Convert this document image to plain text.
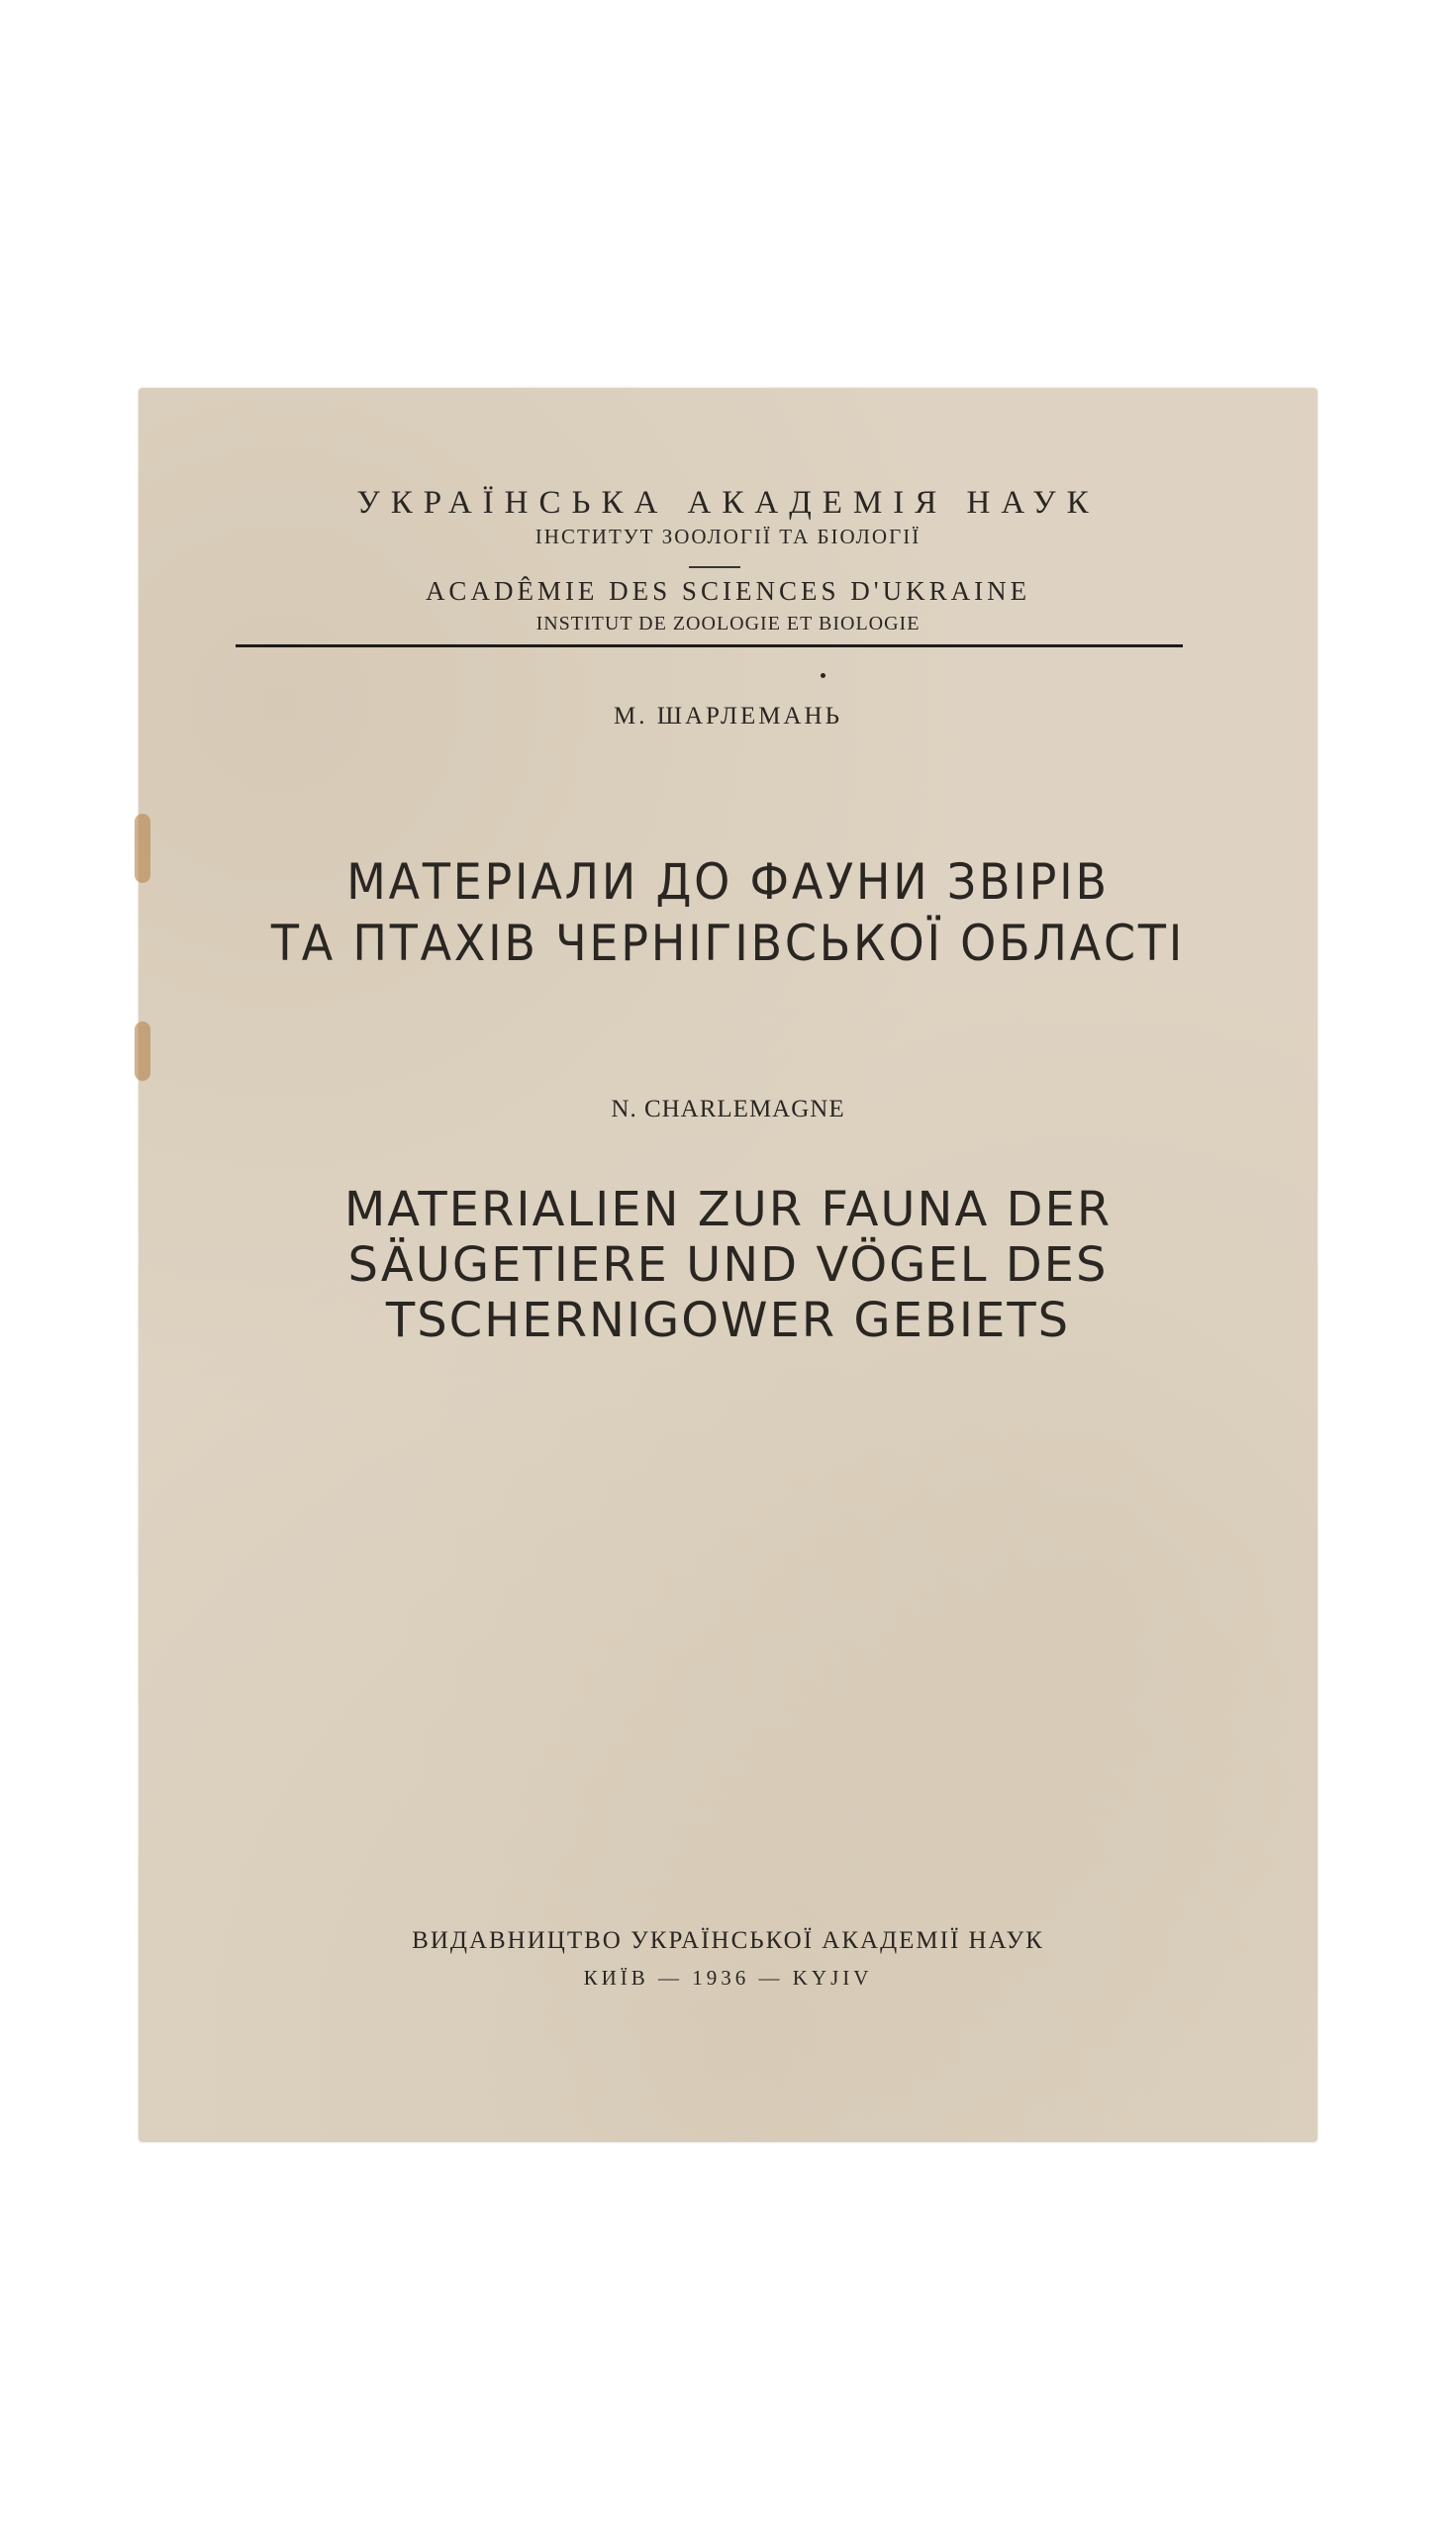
УКРАЇНСЬКА АКАДЕМІЯ НАУК
ІНСТИТУТ ЗООЛОГІЇ ТА БІОЛОГІЇ
ACADÊMIE DES SCIENCES D'UKRAINE
INSTITUT DE ZOOLOGIE ET BIOLOGIE
М. ШАРЛЕМАНЬ
МАТЕРІАЛИ ДО ФАУНИ ЗВІРІВ
ТА ПТАХІВ ЧЕРНІГІВСЬКОЇ ОБЛАСТІ
N. CHARLEMAGNE
MATERIALIEN ZUR FAUNA DER
SÄUGETIERE UND VÖGEL DES
TSCHERNIGOWER GEBIETS
ВИДАВНИЦТВО УКРАЇНСЬКОЇ АКАДЕМІЇ НАУК
КИЇВ — 1936 — KYJIV
